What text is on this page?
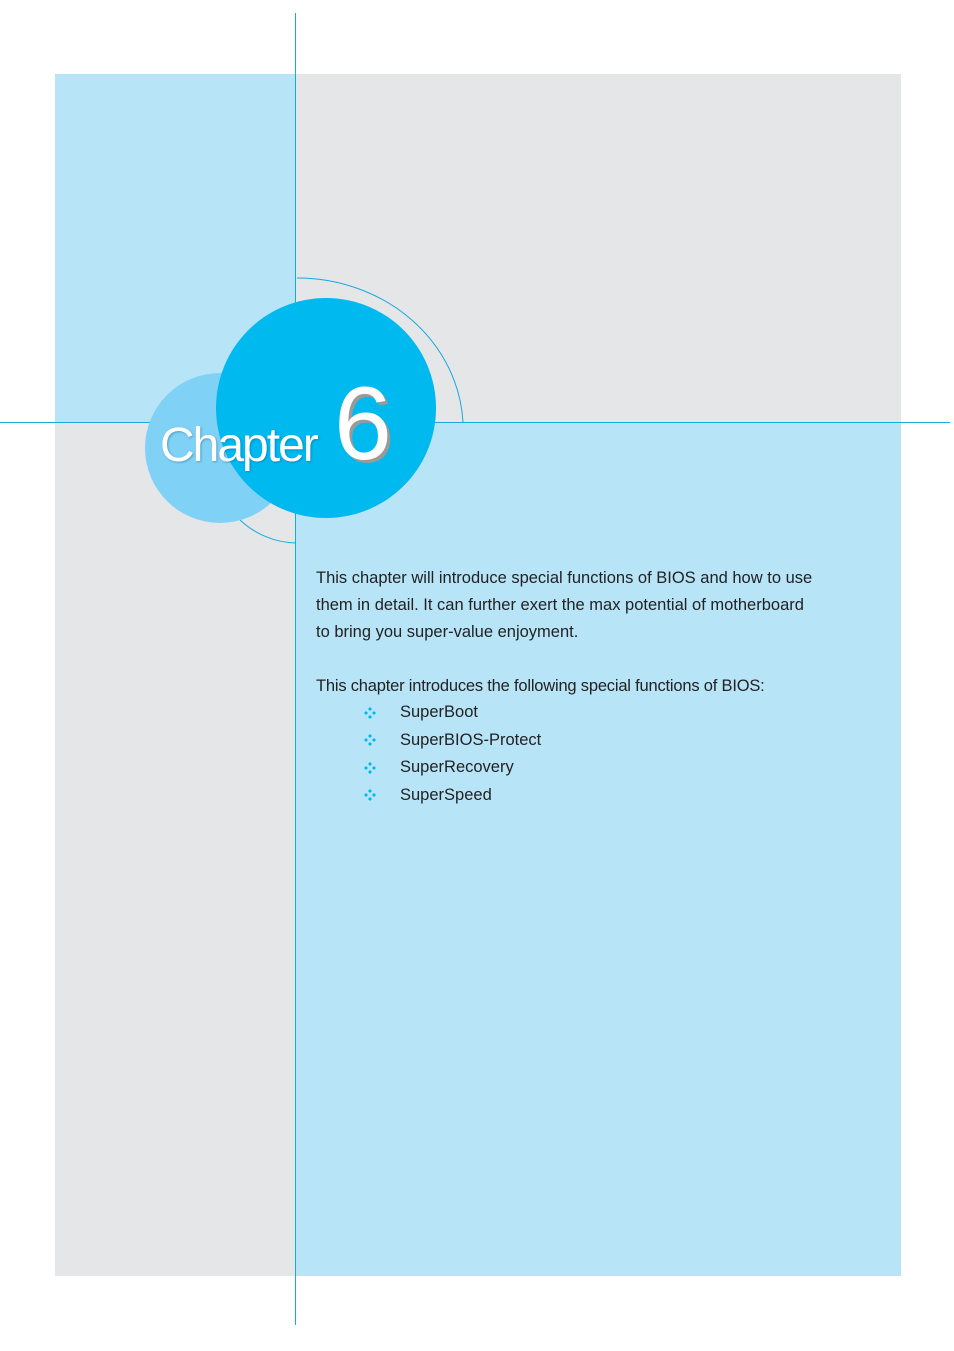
Chapter 6

This chapter will introduce special functions of BIOS and how to use them in detail. It can further exert the max potential of motherboard to bring you super-value enjoyment.

This chapter introduces the following special functions of BIOS:

SuperBoot
SuperBIOS-Protect
SuperRecovery
SuperSpeed
